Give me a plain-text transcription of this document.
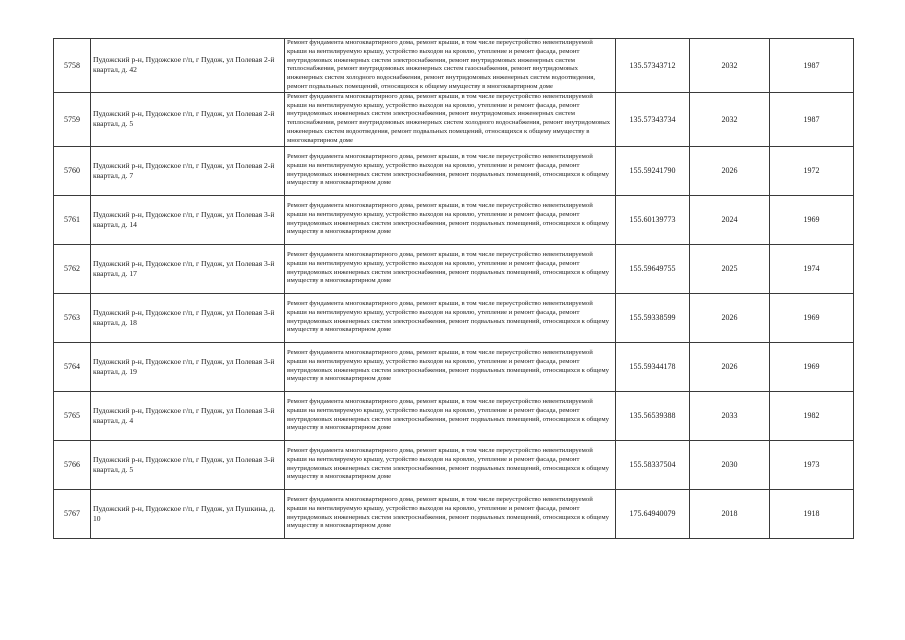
5758	Пудожский р-н, Пудожское г/п, г Пудож, ул Полевая 2-й квартал, д. 42	Ремонт фундамента многоквартирного дома, ремонт крыши, в том числе переустройство невентилируемой крыши на вентилируемую крышу, устройство выходов на кровлю, утепление и ремонт фасада, ремонт внутридомовых инженерных систем электроснабжения, ремонт внутридомовых инженерных систем теплоснабжения, ремонт внутридомовых инженерных систем газоснабжения, ремонт внутридомовых инженерных систем холодного водоснабжения, ремонт внутридомовых инженерных систем водоотведения, ремонт подвальных помещений, относящихся к общему имуществу в многоквартирном доме	135.57343712	2032	1987
5759	Пудожский р-н, Пудожское г/п, г Пудож, ул Полевая 2-й квартал, д. 5	Ремонт фундамента многоквартирного дома, ремонт крыши, в том числе переустройство невентилируемой крыши на вентилируемую крышу, устройство выходов на кровлю, утепление и ремонт фасада, ремонт внутридомовых инженерных систем электроснабжения, ремонт внутридомовых инженерных систем теплоснабжения, ремонт внутридомовых инженерных систем холодного водоснабжения, ремонт внутридомовых инженерных систем водоотведения, ремонт подвальных помещений, относящихся к общему имуществу в многоквартирном доме	135.57343734	2032	1987
5760	Пудожский р-н, Пудожское г/п, г Пудож, ул Полевая 2-й квартал, д. 7	Ремонт фундамента многоквартирного дома, ремонт крыши, в том числе переустройство невентилируемой крыши на вентилируемую крышу, устройство выходов на кровлю, утепление и ремонт фасада, ремонт внутридомовых инженерных систем электроснабжения, ремонт подвальных помещений, относящихся к общему имуществу в многоквартирном доме	155.59241790	2026	1972
5761	Пудожский р-н, Пудожское г/п, г Пудож, ул Полевая 3-й квартал, д. 14	Ремонт фундамента многоквартирного дома, ремонт крыши, в том числе переустройство невентилируемой крыши на вентилируемую крышу, устройство выходов на кровлю, утепление и ремонт фасада, ремонт внутридомовых инженерных систем электроснабжения, ремонт подвальных помещений, относящихся к общему имуществу в многоквартирном доме	155.60139773	2024	1969
5762	Пудожский р-н, Пудожское г/п, г Пудож, ул Полевая 3-й квартал, д. 17	Ремонт фундамента многоквартирного дома, ремонт крыши, в том числе переустройство невентилируемой крыши на вентилируемую крышу, устройство выходов на кровлю, утепление и ремонт фасада, ремонт внутридомовых инженерных систем электроснабжения, ремонт подвальных помещений, относящихся к общему имуществу в многоквартирном доме	155.59649755	2025	1974
5763	Пудожский р-н, Пудожское г/п, г Пудож, ул Полевая 3-й квартал, д. 18	Ремонт фундамента многоквартирного дома, ремонт крыши, в том числе переустройство невентилируемой крыши на вентилируемую крышу, устройство выходов на кровлю, утепление и ремонт фасада, ремонт внутридомовых инженерных систем электроснабжения, ремонт подвальных помещений, относящихся к общему имуществу в многоквартирном доме	155.59338599	2026	1969
5764	Пудожский р-н, Пудожское г/п, г Пудож, ул Полевая 3-й квартал, д. 19	Ремонт фундамента многоквартирного дома, ремонт крыши, в том числе переустройство невентилируемой крыши на вентилируемую крышу, устройство выходов на кровлю, утепление и ремонт фасада, ремонт внутридомовых инженерных систем электроснабжения, ремонт подвальных помещений, относящихся к общему имуществу в многоквартирном доме	155.59344178	2026	1969
5765	Пудожский р-н, Пудожское г/п, г Пудож, ул Полевая 3-й квартал, д. 4	Ремонт фундамента многоквартирного дома, ремонт крыши, в том числе переустройство невентилируемой крыши на вентилируемую крышу, устройство выходов на кровлю, утепление и ремонт фасада, ремонт внутридомовых инженерных систем электроснабжения, ремонт подвальных помещений, относящихся к общему имуществу в многоквартирном доме	135.56539388	2033	1982
5766	Пудожский р-н, Пудожское г/п, г Пудож, ул Полевая 3-й квартал, д. 5	Ремонт фундамента многоквартирного дома, ремонт крыши, в том числе переустройство невентилируемой крыши на вентилируемую крышу, устройство выходов на кровлю, утепление и ремонт фасада, ремонт внутридомовых инженерных систем электроснабжения, ремонт подвальных помещений, относящихся к общему имуществу в многоквартирном доме	155.58337504	2030	1973
5767	Пудожский р-н, Пудожское г/п, г Пудож, ул Пушкина, д. 10	Ремонт фундамента многоквартирного дома, ремонт крыши, в том числе переустройство невентилируемой крыши на вентилируемую крышу, устройство выходов на кровлю, утепление и ремонт фасада, ремонт внутридомовых инженерных систем электроснабжения, ремонт подвальных помещений, относящихся к общему имуществу в многоквартирном доме	175.64940079	2018	1918
